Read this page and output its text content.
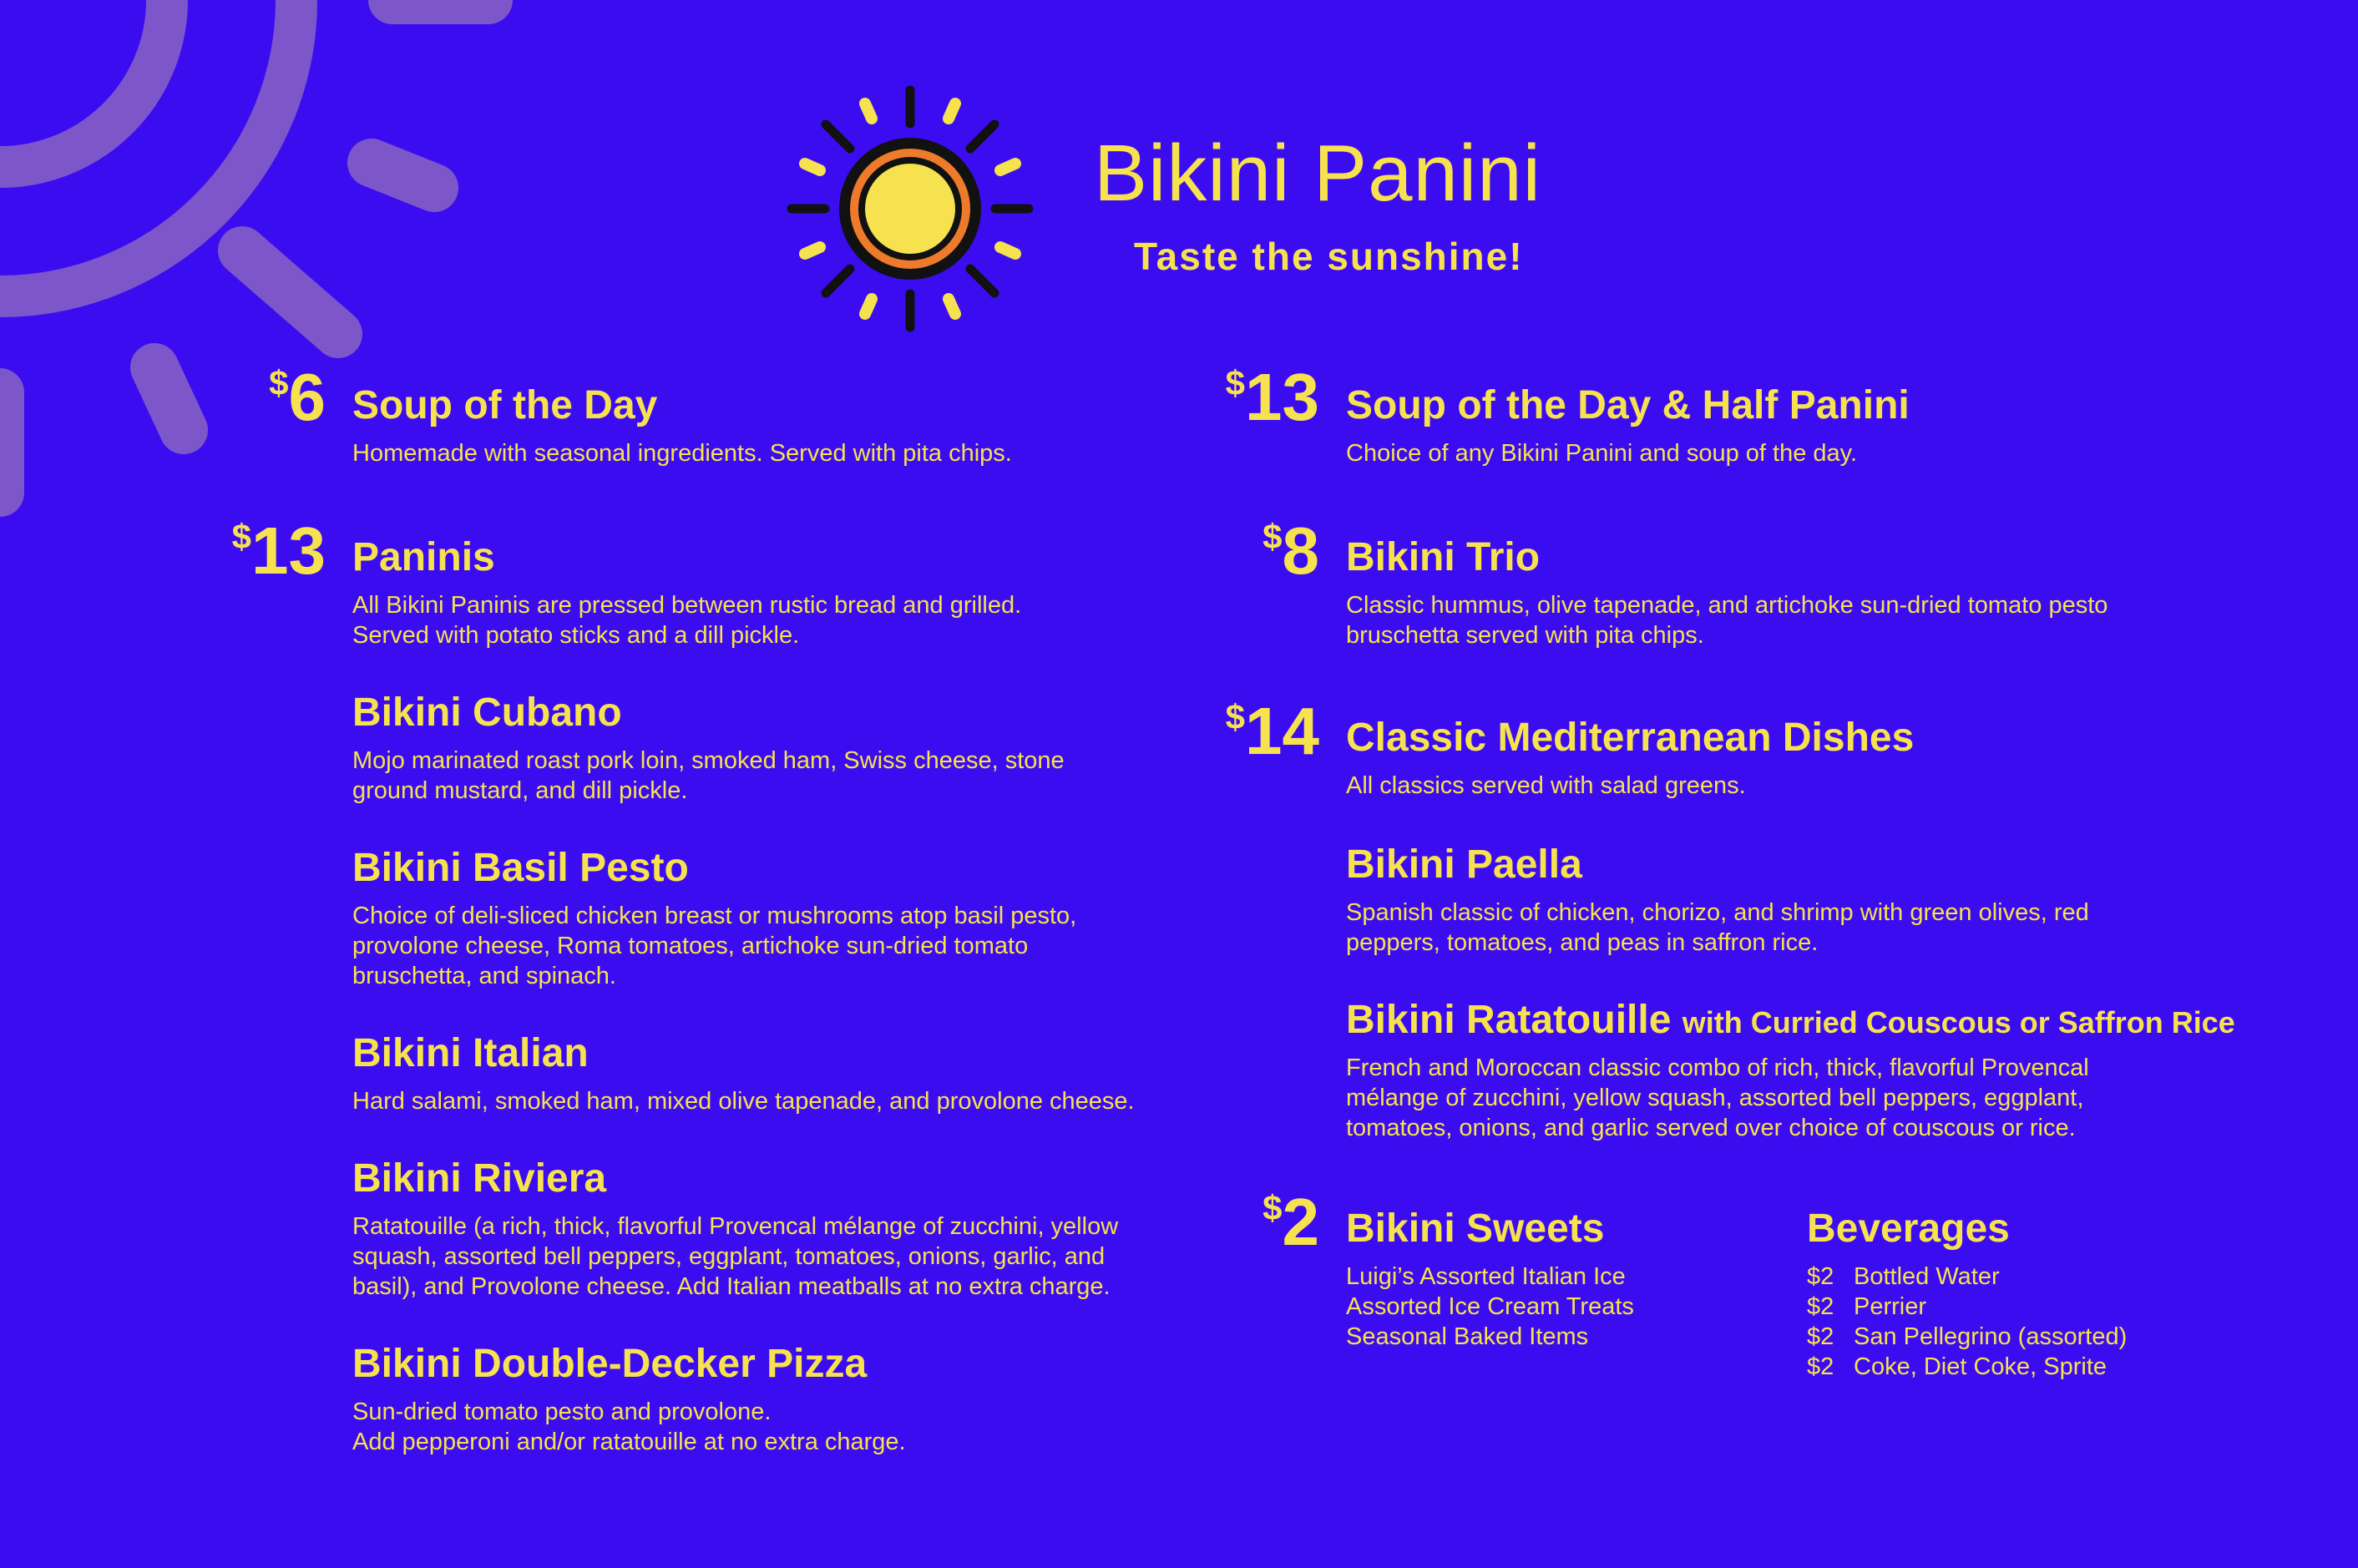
Bikini Panini
Taste the sunshine!
$6 Soup of the Day
Homemade with seasonal ingredients. Served with pita chips.
$13 Paninis
All Bikini Paninis are pressed between rustic bread and grilled.
Served with potato sticks and a dill pickle.
Bikini Cubano
Mojo marinated roast pork loin, smoked ham, Swiss cheese, stone
ground mustard, and dill pickle.
Bikini Basil Pesto
Choice of deli-sliced chicken breast or mushrooms atop basil pesto,
provolone cheese, Roma tomatoes, artichoke sun-dried tomato
bruschetta, and spinach.
Bikini Italian
Hard salami, smoked ham, mixed olive tapenade, and provolone cheese.
Bikini Riviera
Ratatouille (a rich, thick, flavorful Provencal mélange of zucchini, yellow
squash, assorted bell peppers, eggplant, tomatoes, onions, garlic, and
basil), and Provolone cheese. Add Italian meatballs at no extra charge.
Bikini Double-Decker Pizza
Sun-dried tomato pesto and provolone.
Add pepperoni and/or ratatouille at no extra charge.
$13 Soup of the Day & Half Panini
Choice of any Bikini Panini and soup of the day.
$8 Bikini Trio
Classic hummus, olive tapenade, and artichoke sun-dried tomato pesto
bruschetta served with pita chips.
$14 Classic Mediterranean Dishes
All classics served with salad greens.
Bikini Paella
Spanish classic of chicken, chorizo, and shrimp with green olives, red
peppers, tomatoes, and peas in saffron rice.
Bikini Ratatouille with Curried Couscous or Saffron Rice
French and Moroccan classic combo of rich, thick, flavorful Provencal
mélange of zucchini, yellow squash, assorted bell peppers, eggplant,
tomatoes, onions, and garlic served over choice of couscous or rice.
$2 Bikini Sweets
Luigi’s Assorted Italian Ice
Assorted Ice Cream Treats
Seasonal Baked Items
Beverages
$2 Bottled Water
$2 Perrier
$2 San Pellegrino (assorted)
$2 Coke, Diet Coke, Sprite
